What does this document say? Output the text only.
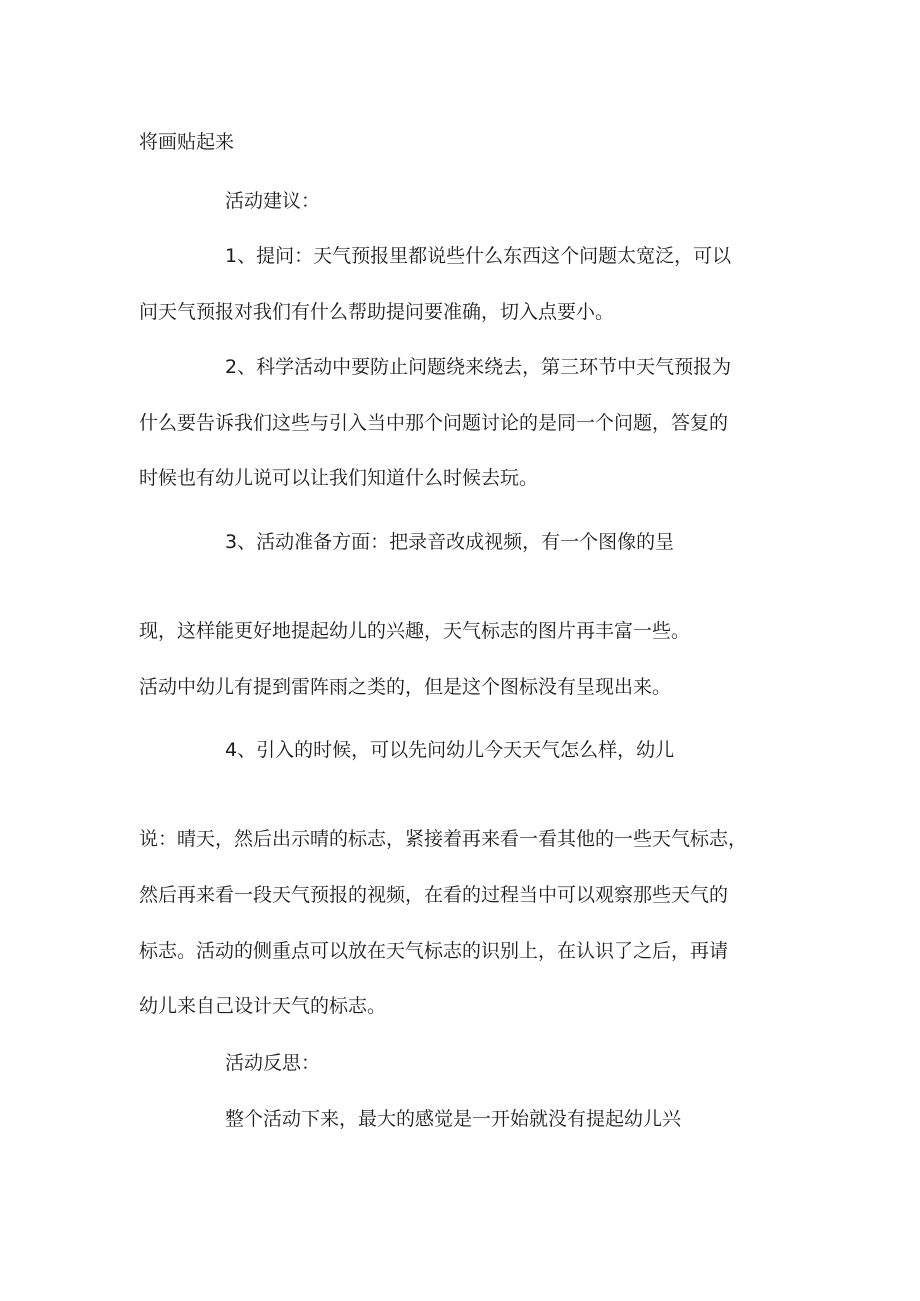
将画贴起来
活动建议：
1、提问：天气预报里都说些什么东西这个问题太宽泛，可以
问天气预报对我们有什么帮助提问要准确，切入点要小。
2、科学活动中要防止问题绕来绕去，第三环节中天气预报为
什么要告诉我们这些与引入当中那个问题讨论的是同一个问题，答复的
时候也有幼儿说可以让我们知道什么时候去玩。
3、活动准备方面：把录音改成视频，有一个图像的呈
现，这样能更好地提起幼儿的兴趣，天气标志的图片再丰富一些。
活动中幼儿有提到雷阵雨之类的，但是这个图标没有呈现出来。
4、引入的时候，可以先问幼儿今天天气怎么样，幼儿
说：晴天，然后出示晴的标志，紧接着再来看一看其他的一些天气标志，
然后再来看一段天气预报的视频，在看的过程当中可以观察那些天气的
标志。活动的侧重点可以放在天气标志的识别上，在认识了之后，再请
幼儿来自己设计天气的标志。
活动反思：
整个活动下来，最大的感觉是一开始就没有提起幼儿兴
